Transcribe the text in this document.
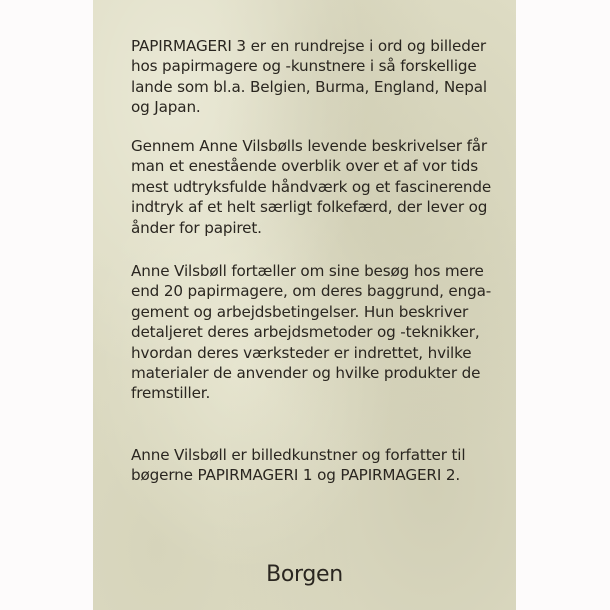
PAPIRMAGERI 3 er en rundrejse i ord og billeder
hos papirmagere og -kunstnere i så forskellige
lande som bl.a. Belgien, Burma, England, Nepal
og Japan.

Gennem Anne Vilsbølls levende beskrivelser får
man et enestående overblik over et af vor tids
mest udtryksfulde håndværk og et fascinerende
indtryk af et helt særligt folkefærd, der lever og
ånder for papiret.

Anne Vilsbøll fortæller om sine besøg hos mere
end 20 papirmagere, om deres baggrund, enga-
gement og arbejdsbetingelser. Hun beskriver
detaljeret deres arbejdsmetoder og -teknikker,
hvordan deres værksteder er indrettet, hvilke
materialer de anvender og hvilke produkter de
fremstiller.

Anne Vilsbøll er billedkunstner og forfatter til
bøgerne PAPIRMAGERI 1 og PAPIRMAGERI 2.

Borgen
